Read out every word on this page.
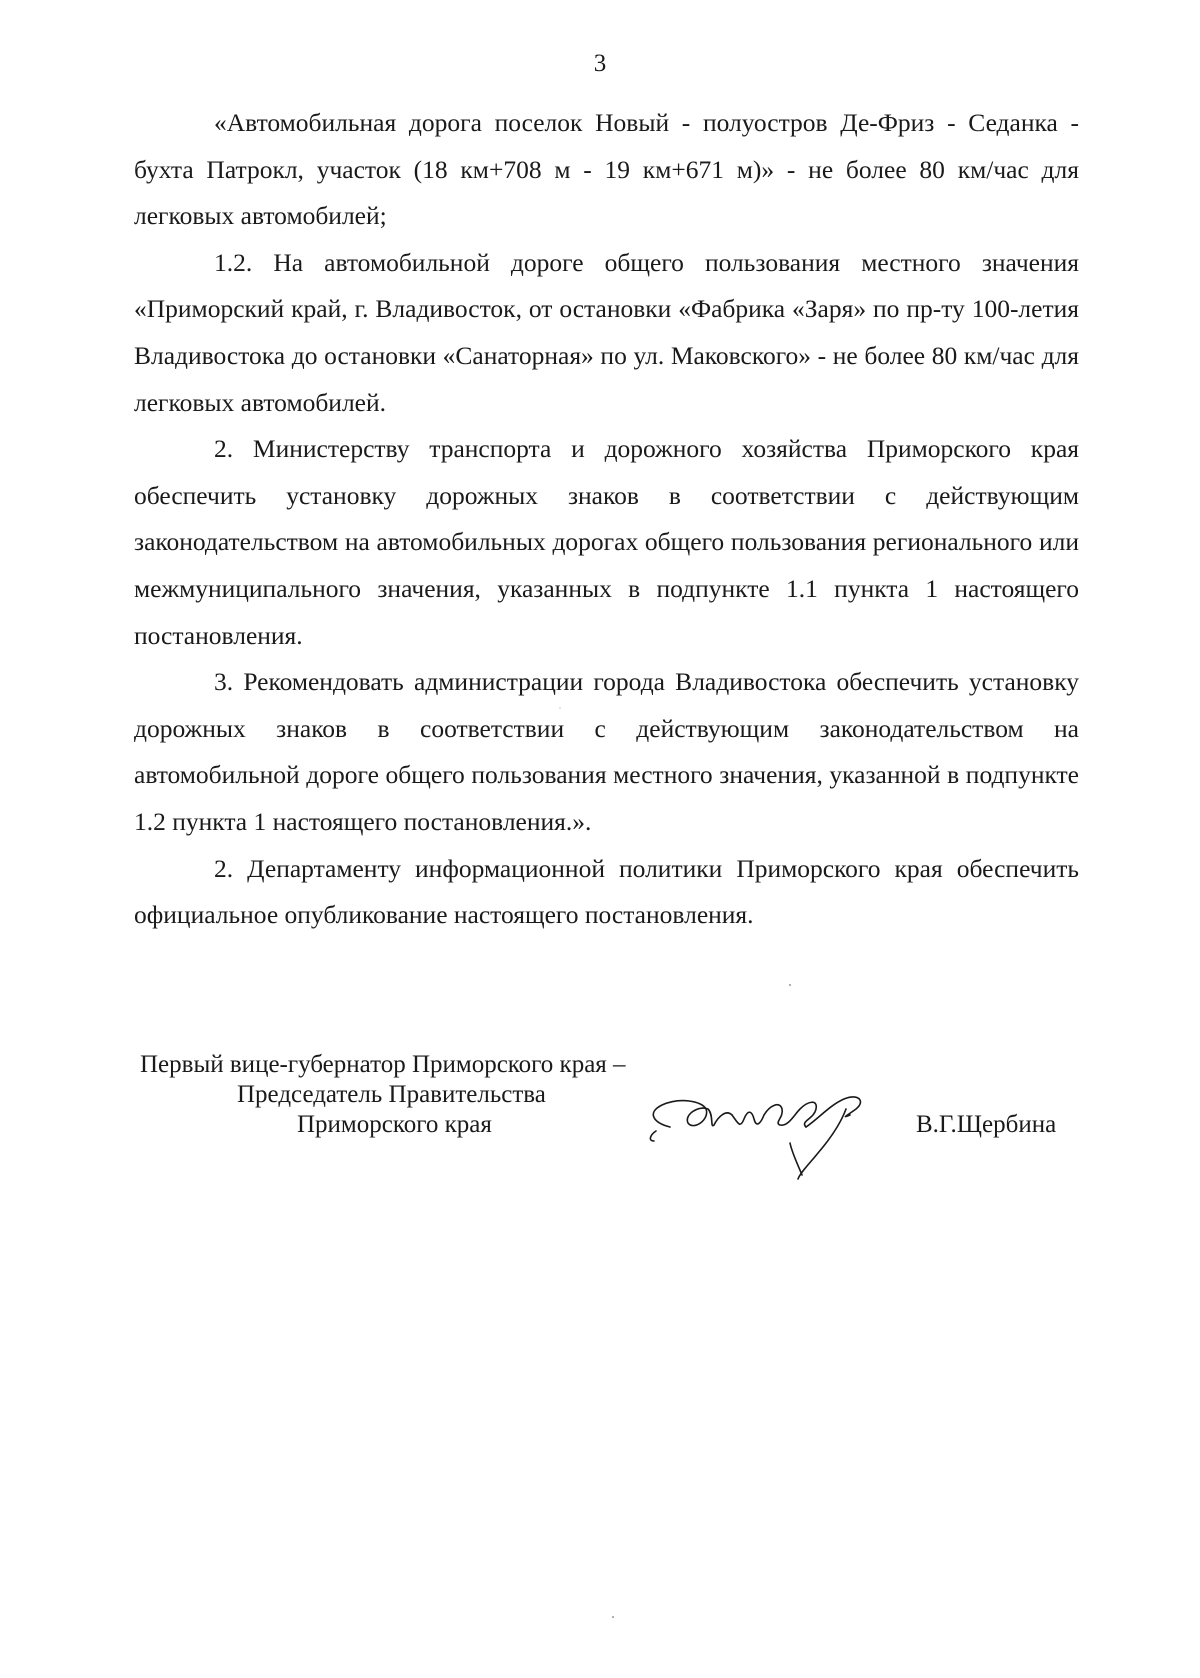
3

«Автомобильная дорога поселок Новый - полуостров Де-Фриз - Седанка - бухта Патрокл, участок (18 км+708 м - 19 км+671 м)» - не более 80 км/час для легковых автомобилей;

1.2. На автомобильной дороге общего пользования местного значения «Приморский край, г. Владивосток, от остановки «Фабрика «Заря» по пр-ту 100-летия Владивостока до остановки «Санаторная» по ул. Маковского» - не более 80 км/час для легковых автомобилей.

2. Министерству транспорта и дорожного хозяйства Приморского края обеспечить установку дорожных знаков в соответствии с действующим законодательством на автомобильных дорогах общего пользования регионального или межмуниципального значения, указанных в подпункте 1.1 пункта 1 настоящего постановления.

3. Рекомендовать администрации города Владивостока обеспечить установку дорожных знаков в соответствии с действующим законодательством на автомобильной дороге общего пользования местного значения, указанной в подпункте 1.2 пункта 1 настоящего постановления.».

2. Департаменту информационной политики Приморского края обеспечить официальное опубликование настоящего постановления.

Первый вице-губернатор Приморского края –
Председатель Правительства
Приморского края	В.Г.Щербина
